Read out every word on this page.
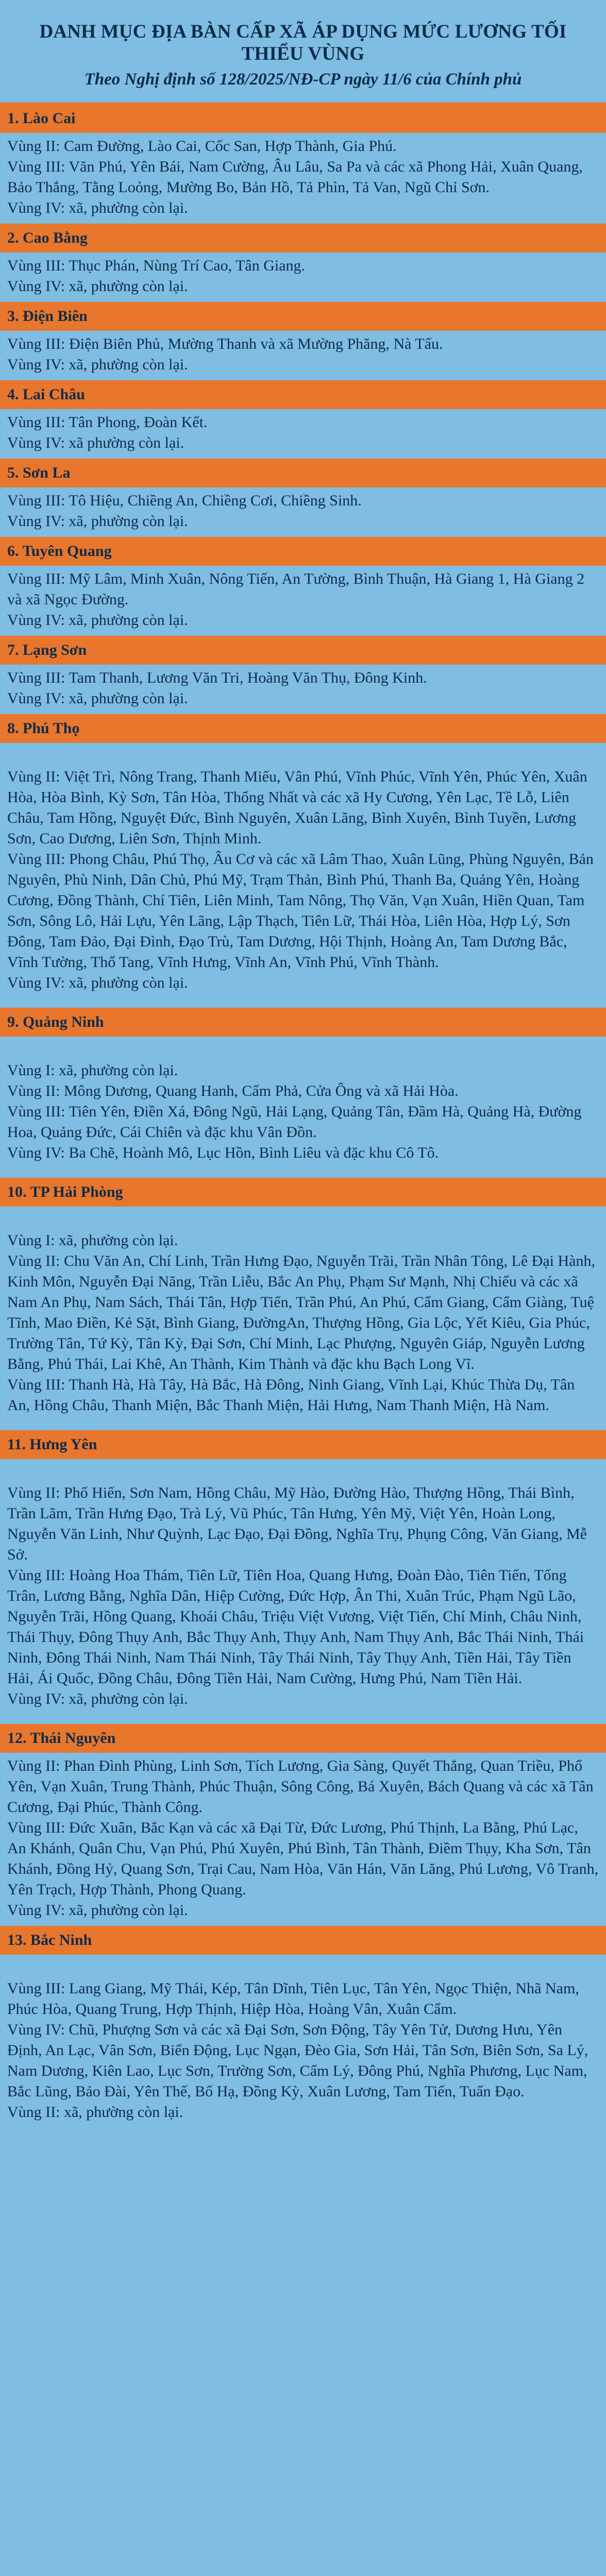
DANH MỤC ĐỊA BÀN CẤP XÃ ÁP DỤNG MỨC LƯƠNG TỐI THIỂU VÙNG
Theo Nghị định số 128/2025/NĐ-CP ngày 11/6 của Chính phủ
1. Lào Cai

Vùng II: Cam Đường, Lào Cai, Cốc San, Hợp Thành, Gia Phú.

Vùng III: Văn Phú, Yên Bái, Nam Cường, Âu Lâu, Sa Pa và các xã Phong Hải, Xuân Quang, Bảo Thắng, Tằng Loỏng, Mường Bo, Bản Hồ, Tả Phìn, Tả Van, Ngũ Chỉ Sơn.

Vùng IV: xã, phường còn lại.

2. Cao Bằng

Vùng III: Thục Phán, Nùng Trí Cao, Tân Giang.

Vùng IV: xã, phường còn lại.

3. Điện Biên

Vùng III: Điện Biên Phủ, Mường Thanh và xã Mường Phăng, Nà Tấu.

Vùng IV: xã, phường còn lại.

4. Lai Châu

Vùng III: Tân Phong, Đoàn Kết.

Vùng IV: xã phường còn lại.

5. Sơn La

Vùng III: Tô Hiệu, Chiềng An, Chiềng Cơi, Chiềng Sinh.

Vùng IV: xã, phường còn lại.

6. Tuyên Quang

Vùng III: Mỹ Lâm, Minh Xuân, Nông Tiến, An Tường, Bình Thuận, Hà Giang 1, Hà Giang 2 và xã Ngọc Đường.

Vùng IV: xã, phường còn lại.

7. Lạng Sơn

Vùng III: Tam Thanh, Lương Văn Tri, Hoàng Văn Thụ, Đông Kinh.

Vùng IV: xã, phường còn lại.

8. Phú Thọ

Vùng II: Việt Trì, Nông Trang, Thanh Miếu, Vân Phú, Vĩnh Phúc, Vĩnh Yên, Phúc Yên, Xuân Hòa, Hòa Bình, Kỳ Sơn, Tân Hòa, Thống Nhất và các xã Hy Cương, Yên Lạc, Tề Lỗ, Liên Châu, Tam Hồng, Nguyệt Đức, Bình Nguyên, Xuân Lãng, Bình Xuyên, Bình Tuyền, Lương Sơn, Cao Dương, Liên Sơn, Thịnh Minh.

Vùng III: Phong Châu, Phú Thọ, Âu Cơ và các xã Lâm Thao, Xuân Lũng, Phùng Nguyên, Bản Nguyên, Phù Ninh, Dân Chủ, Phú Mỹ, Trạm Thản, Bình Phú, Thanh Ba, Quảng Yên, Hoàng Cương, Đồng Thành, Chí Tiên, Liên Minh, Tam Nông, Thọ Văn, Vạn Xuân, Hiền Quan, Tam Sơn, Sông Lô, Hải Lựu, Yên Lãng, Lập Thạch, Tiên Lữ, Thái Hòa, Liên Hòa, Hợp Lý, Sơn Đông, Tam Đảo, Đại Đình, Đạo Trù, Tam Dương, Hội Thịnh, Hoàng An, Tam Dương Bắc, Vĩnh Tường, Thổ Tang, Vĩnh Hưng, Vĩnh An, Vĩnh Phú, Vĩnh Thành.

Vùng IV: xã, phường còn lại.

9. Quảng Ninh

Vùng I: xã, phường còn lại.

Vùng II: Mông Dương, Quang Hanh, Cẩm Phả, Cửa Ông và xã Hải Hòa.

Vùng III: Tiên Yên, Điền Xá, Đông Ngũ, Hải Lạng, Quảng Tân, Đầm Hà, Quảng Hà, Đường Hoa, Quảng Đức, Cái Chiên và đặc khu Vân Đồn.

Vùng IV: Ba Chẽ, Hoành Mô, Lục Hồn, Bình Liêu và đặc khu Cô Tô.

10. TP Hải Phòng

Vùng I: xã, phường còn lại.

Vùng II: Chu Văn An, Chí Linh, Trần Hưng Đạo, Nguyễn Trãi, Trần Nhân Tông, Lê Đại Hành, Kinh Môn, Nguyễn Đại Năng, Trần Liễu, Bắc An Phụ, Phạm Sư Mạnh, Nhị Chiểu và các xã Nam An Phụ, Nam Sách, Thái Tân, Hợp Tiến, Trần Phú, An Phú, Cẩm Giang, Cẩm Giàng, Tuệ Tĩnh, Mao Điền, Kẻ Sặt, Bình Giang, ĐườngAn, Thượng Hồng, Gia Lộc, Yết Kiêu, Gia Phúc, Trường Tân, Tứ Kỳ, Tân Kỳ, Đại Sơn, Chí Minh, Lạc Phượng, Nguyên Giáp, Nguyễn Lương Bằng, Phú Thái, Lai Khê, An Thành, Kim Thành và đặc khu Bạch Long Vĩ.

Vùng III: Thanh Hà, Hà Tây, Hà Bắc, Hà Đông, Ninh Giang, Vĩnh Lại, Khúc Thừa Dụ, Tân An, Hồng Châu, Thanh Miện, Bắc Thanh Miện, Hải Hưng, Nam Thanh Miện, Hà Nam.

11. Hưng Yên

Vùng II: Phố Hiến, Sơn Nam, Hồng Châu, Mỹ Hào, Đường Hào, Thượng Hồng, Thái Bình, Trần Lãm, Trần Hưng Đạo, Trà Lý, Vũ Phúc, Tân Hưng, Yên Mỹ, Việt Yên, Hoàn Long, Nguyễn Văn Linh, Như Quỳnh, Lạc Đạo, Đại Đồng, Nghĩa Trụ, Phụng Công, Văn Giang, Mễ Sở.

Vùng III: Hoàng Hoa Thám, Tiên Lữ, Tiên Hoa, Quang Hưng, Đoàn Đào, Tiên Tiến, Tống Trân, Lương Bằng, Nghĩa Dân, Hiệp Cường, Đức Hợp, Ân Thi, Xuân Trúc, Phạm Ngũ Lão, Nguyễn Trãi, Hồng Quang, Khoái Châu, Triệu Việt Vương, Việt Tiến, Chí Minh, Châu Ninh, Thái Thụy, Đông Thụy Anh, Bắc Thụy Anh, Thụy Anh, Nam Thụy Anh, Bắc Thái Ninh, Thái Ninh, Đông Thái Ninh, Nam Thái Ninh, Tây Thái Ninh, Tây Thụy Anh, Tiền Hải, Tây Tiền Hải, Ái Quốc, Đồng Châu, Đông Tiền Hải, Nam Cường, Hưng Phú, Nam Tiền Hải.

Vùng IV: xã, phường còn lại.

12. Thái Nguyên

Vùng II: Phan Đình Phùng, Linh Sơn, Tích Lương, Gia Sàng, Quyết Thắng, Quan Triều, Phổ Yên, Vạn Xuân, Trung Thành, Phúc Thuận, Sông Công, Bá Xuyên, Bách Quang và các xã Tân Cương, Đại Phúc, Thành Công.

Vùng III: Đức Xuân, Bắc Kạn và các xã Đại Từ, Đức Lương, Phú Thịnh, La Bằng, Phú Lạc, An Khánh, Quân Chu, Vạn Phú, Phú Xuyên, Phú Bình, Tân Thành, Điềm Thụy, Kha Sơn, Tân Khánh, Đồng Hỷ, Quang Sơn, Trại Cau, Nam Hòa, Văn Hán, Văn Lăng, Phú Lương, Vô Tranh, Yên Trạch, Hợp Thành, Phong Quang.

Vùng IV: xã, phường còn lại.

13. Bắc Ninh

Vùng III: Lang Giang, Mỹ Thái, Kép, Tân Dĩnh, Tiên Lục, Tân Yên, Ngọc Thiện, Nhã Nam, Phúc Hòa, Quang Trung, Hợp Thịnh, Hiệp Hòa, Hoàng Vân, Xuân Cẩm.

Vùng IV: Chũ, Phượng Sơn và các xã Đại Sơn, Sơn Động, Tây Yên Tử, Dương Hưu, Yên Định, An Lạc, Vân Sơn, Biển Động, Lục Ngạn, Đèo Gia, Sơn Hải, Tân Sơn, Biên Sơn, Sa Lý, Nam Dương, Kiên Lao, Lục Sơn, Trường Sơn, Cẩm Lý, Đông Phú, Nghĩa Phương, Lục Nam, Bắc Lũng, Bảo Đài, Yên Thế, Bố Hạ, Đồng Kỳ, Xuân Lương, Tam Tiến, Tuấn Đạo.

Vùng II: xã, phường còn lại.
